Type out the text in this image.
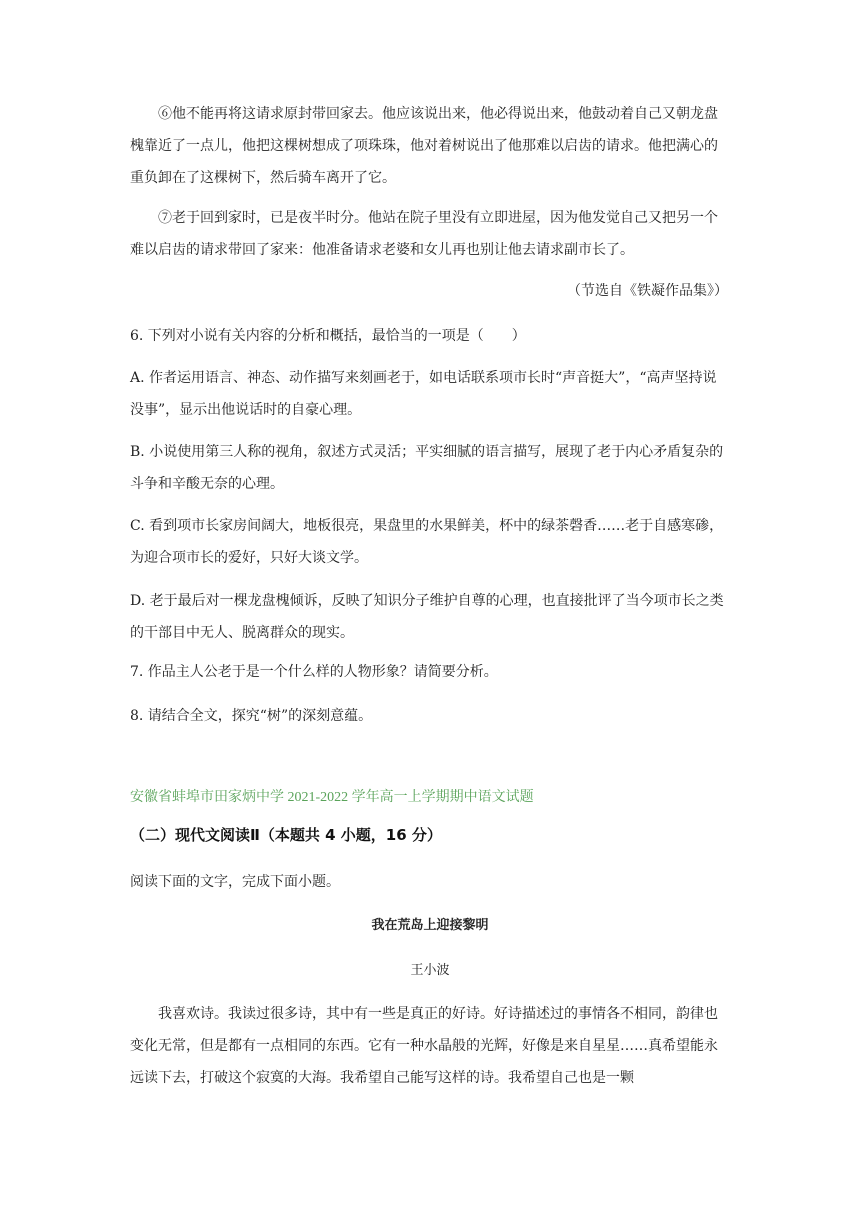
⑥他不能再将这请求原封带回家去。他应该说出来，他必得说出来，他鼓动着自己又朝龙盘槐靠近了一点儿，他把这棵树想成了项珠珠，他对着树说出了他那难以启齿的请求。他把满心的重负卸在了这棵树下，然后骑车离开了它。

⑦老于回到家时，已是夜半时分。他站在院子里没有立即进屋，因为他发觉自己又把另一个难以启齿的请求带回了家来：他准备请求老婆和女儿再也别让他去请求副市长了。

（节选自《铁凝作品集》）

6. 下列对小说有关内容的分析和概括，最恰当的一项是（　　）

A. 作者运用语言、神态、动作描写来刻画老于，如电话联系项市长时“声音挺大”，“高声坚持说没事”，显示出他说话时的自豪心理。

B. 小说使用第三人称的视角，叙述方式灵活；平实细腻的语言描写，展现了老于内心矛盾复杂的斗争和辛酸无奈的心理。

C. 看到项市长家房间阔大，地板很亮，果盘里的水果鲜美，杯中的绿茶磬香……老于自感寒碜，为迎合项市长的爱好，只好大谈文学。

D. 老于最后对一棵龙盘槐倾诉，反映了知识分子维护自尊的心理，也直接批评了当今项市长之类的干部目中无人、脱离群众的现实。

7. 作品主人公老于是一个什么样的人物形象？请简要分析。

8. 请结合全文，探究“树”的深刻意蕴。

安徽省蚌埠市田家炳中学 2021-2022 学年高一上学期期中语文试题
（二）现代文阅读Ⅱ（本题共 4 小题，16 分）

阅读下面的文字，完成下面小题。

我在荒岛上迎接黎明
王小波

我喜欢诗。我读过很多诗，其中有一些是真正的好诗。好诗描述过的事情各不相同，韵律也变化无常，但是都有一点相同的东西。它有一种水晶般的光辉，好像是来自星星……真希望能永远读下去，打破这个寂寞的大海。我希望自己能写这样的诗。我希望自己也是一颗
